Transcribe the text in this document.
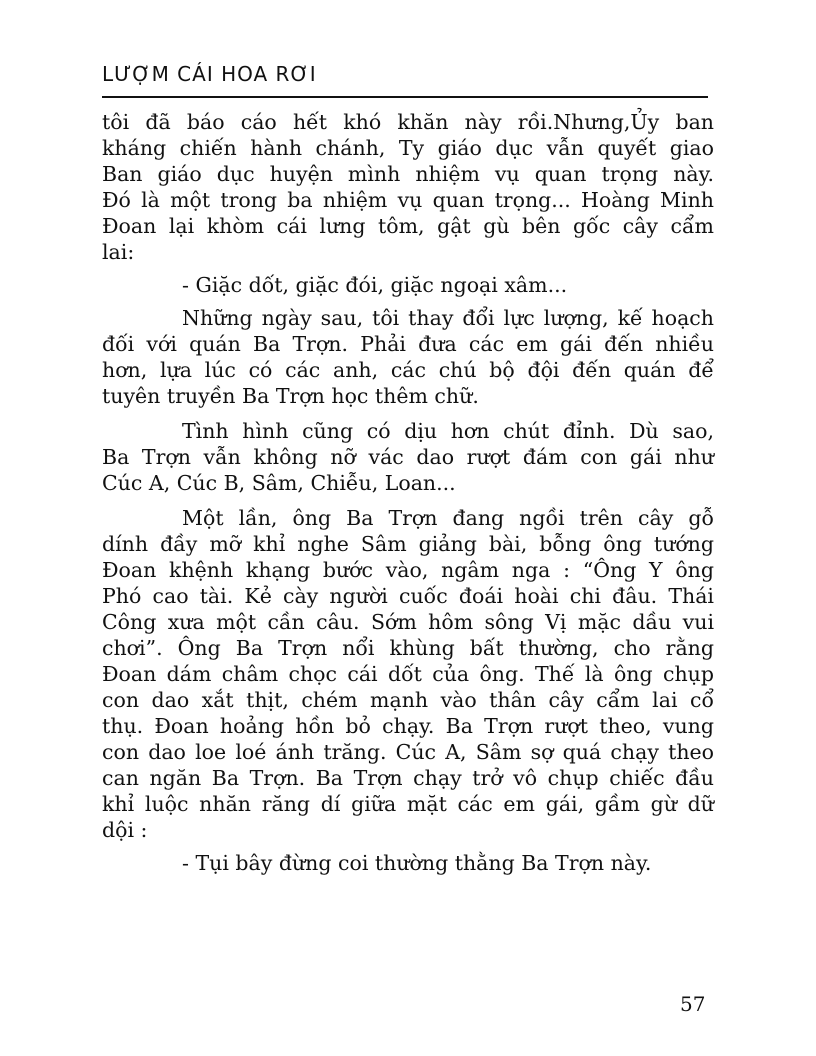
LƯỢM CÁI HOA RƠI
tôi đã báo cáo hết khó khăn này rồi.Nhưng,Ủy ban
kháng chiến hành chánh, Ty giáo dục vẫn quyết giao
Ban giáo dục huyện mình nhiệm vụ quan trọng này.
Đó là một trong ba nhiệm vụ quan trọng... Hoàng Minh
Đoan lại khòm cái lưng tôm, gật gù bên gốc cây cẩm
lai:
- Giặc dốt, giặc đói, giặc ngoại xâm...
Những ngày sau, tôi thay đổi lực lượng, kế hoạch
đối với quán Ba Trợn. Phải đưa các em gái đến nhiều
hơn, lựa lúc có các anh, các chú bộ đội đến quán để
tuyên truyền Ba Trợn học thêm chữ.
Tình hình cũng có dịu hơn chút đỉnh. Dù sao,
Ba Trợn vẫn không nỡ vác dao rượt đám con gái như
Cúc A, Cúc B, Sâm, Chiễu, Loan...
Một lần, ông Ba Trợn đang ngồi trên cây gỗ
dính đầy mỡ khỉ nghe Sâm giảng bài, bỗng ông tướng
Đoan khệnh khạng bước vào, ngâm nga : “Ông Y ông
Phó cao tài. Kẻ cày người cuốc đoái hoài chi đâu. Thái
Công xưa một cần câu. Sớm hôm sông Vị mặc dầu vui
chơi”. Ông Ba Trợn nổi khùng bất thường, cho rằng
Đoan dám châm chọc cái dốt của ông. Thế là ông chụp
con dao xắt thịt, chém mạnh vào thân cây cẩm lai cổ
thụ. Đoan hoảng hồn bỏ chạy. Ba Trợn rượt theo, vung
con dao loe loé ánh trăng. Cúc A, Sâm sợ quá chạy theo
can ngăn Ba Trợn. Ba Trợn chạy trở vô chụp chiếc đầu
khỉ luộc nhăn răng dí giữa mặt các em gái, gầm gừ dữ
dội :
- Tụi bây đừng coi thường thằng Ba Trợn này.
57
